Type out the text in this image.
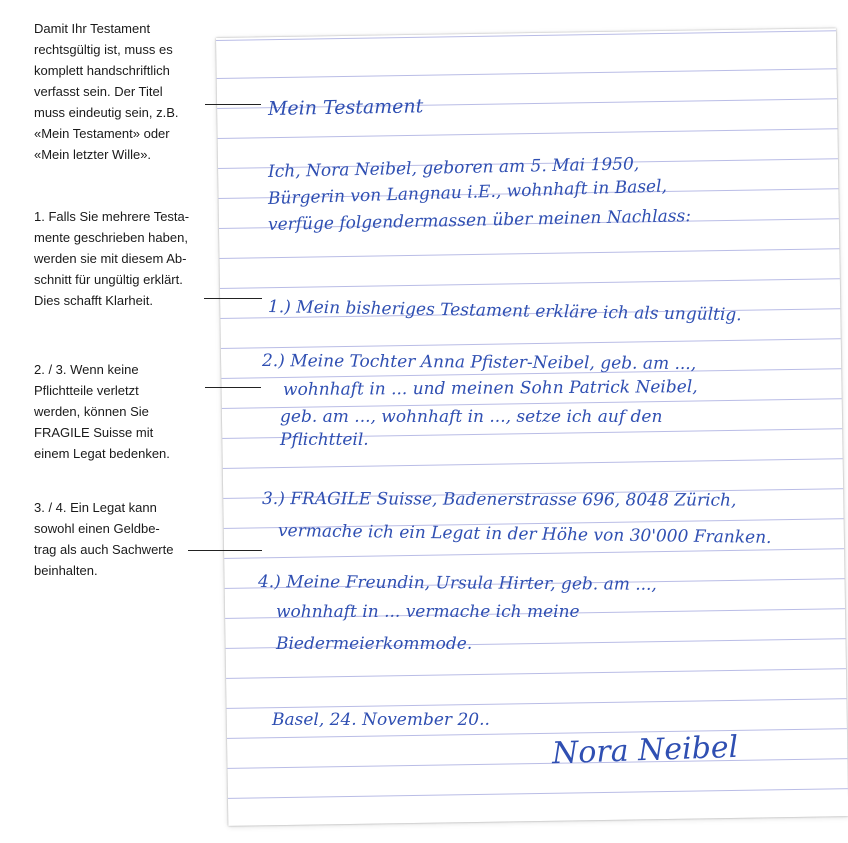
Damit Ihr Testament
rechtsgültig ist, muss es
komplett handschriftlich
verfasst sein. Der Titel
muss eindeutig sein, z.B.
«Mein Testament» oder
«Mein letzter Wille».
1. Falls Sie mehrere Testa-
mente geschrieben haben,
werden sie mit diesem Ab-
schnitt für ungültig erklärt.
Dies schafft Klarheit.
2. / 3. Wenn keine
Pflichtteile verletzt
werden, können Sie
FRAGILE Suisse mit
einem Legat bedenken.
3. / 4. Ein Legat kann
sowohl einen Geldbe-
trag als auch Sachwerte
beinhalten.
Mein Testament
Ich, Nora Neibel, geboren am 5. Mai 1950,
Bürgerin von Langnau i.E., wohnhaft in Basel,
verfüge folgendermassen über meinen Nachlass:
1.) Mein bisheriges Testament erkläre ich als ungültig.
2.) Meine Tochter Anna Pfister-Neibel, geb. am ...,
wohnhaft in ... und meinen Sohn Patrick Neibel,
geb. am ..., wohnhaft in ..., setze ich auf den
Pflichtteil.
3.) FRAGILE Suisse, Badenerstrasse 696, 8048 Zürich,
vermache ich ein Legat in der Höhe von 30'000 Franken.
4.) Meine Freundin, Ursula Hirter, geb. am ...,
wohnhaft in ... vermache ich meine
Biedermeierkommode.
Basel, 24. November 20..
Nora Neibel
